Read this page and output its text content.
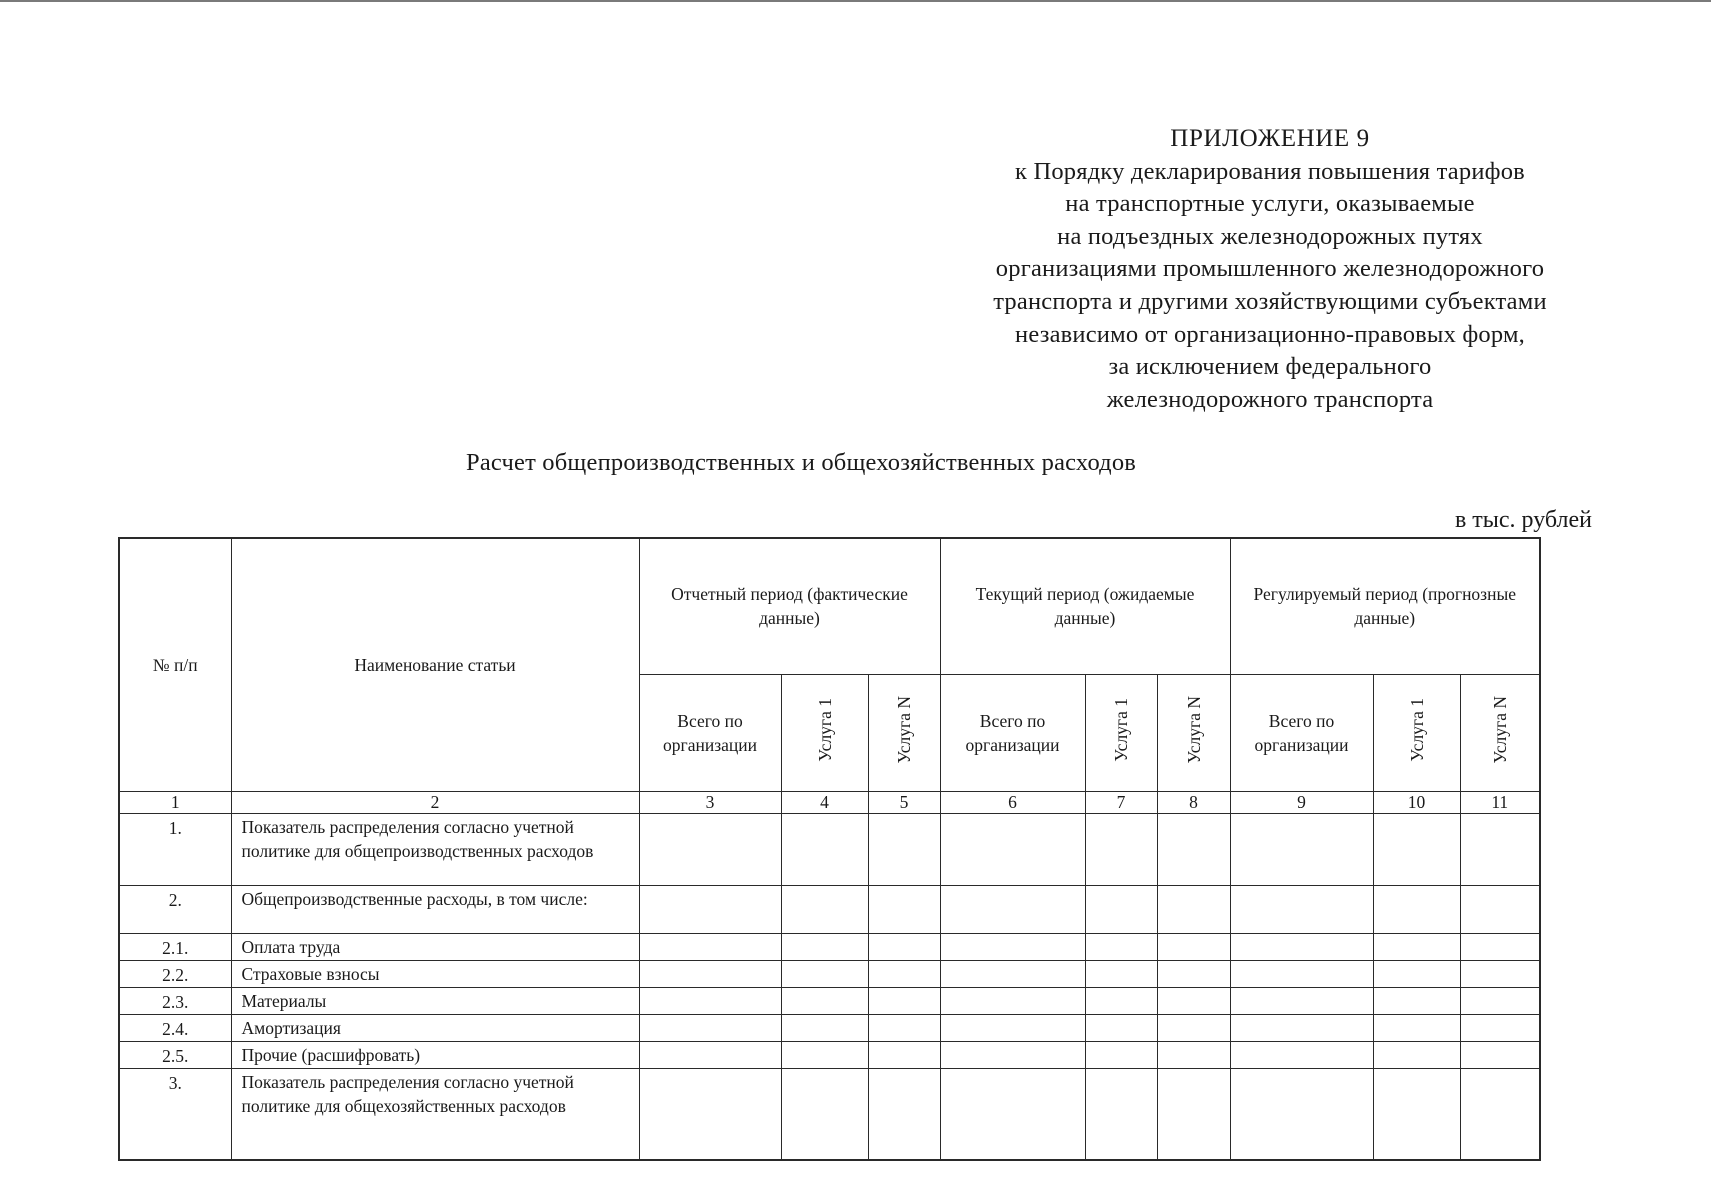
ПРИЛОЖЕНИЕ 9
к Порядку декларирования повышения тарифов
на транспортные услуги, оказываемые
на подъездных железнодорожных путях
организациями промышленного железнодорожного
транспорта и другими хозяйствующими субъектами
независимо от организационно-правовых форм,
за исключением федерального
железнодорожного транспорта
Расчет общепроизводственных и общехозяйственных расходов
в тыс. рублей
№ п/п	Наименование статьи	Отчетный период (фактические данные)			Текущий период (ожидаемые данные)			Регулируемый период (прогнозные данные)		
		Всего по организации	Услуга 1	Услуга N	Всего по организации	Услуга 1	Услуга N	Всего по организации	Услуга 1	Услуга N
1	2	3	4	5	6	7	8	9	10	11
1.	Показатель распределения согласно учетной политике для общепроизводственных расходов									
2.	Общепроизводственные расходы, в том числе:									
2.1.	Оплата труда									
2.2.	Страховые взносы									
2.3.	Материалы									
2.4.	Амортизация									
2.5.	Прочие (расшифровать)									
3.	Показатель распределения согласно учетной политике для общехозяйственных расходов									
